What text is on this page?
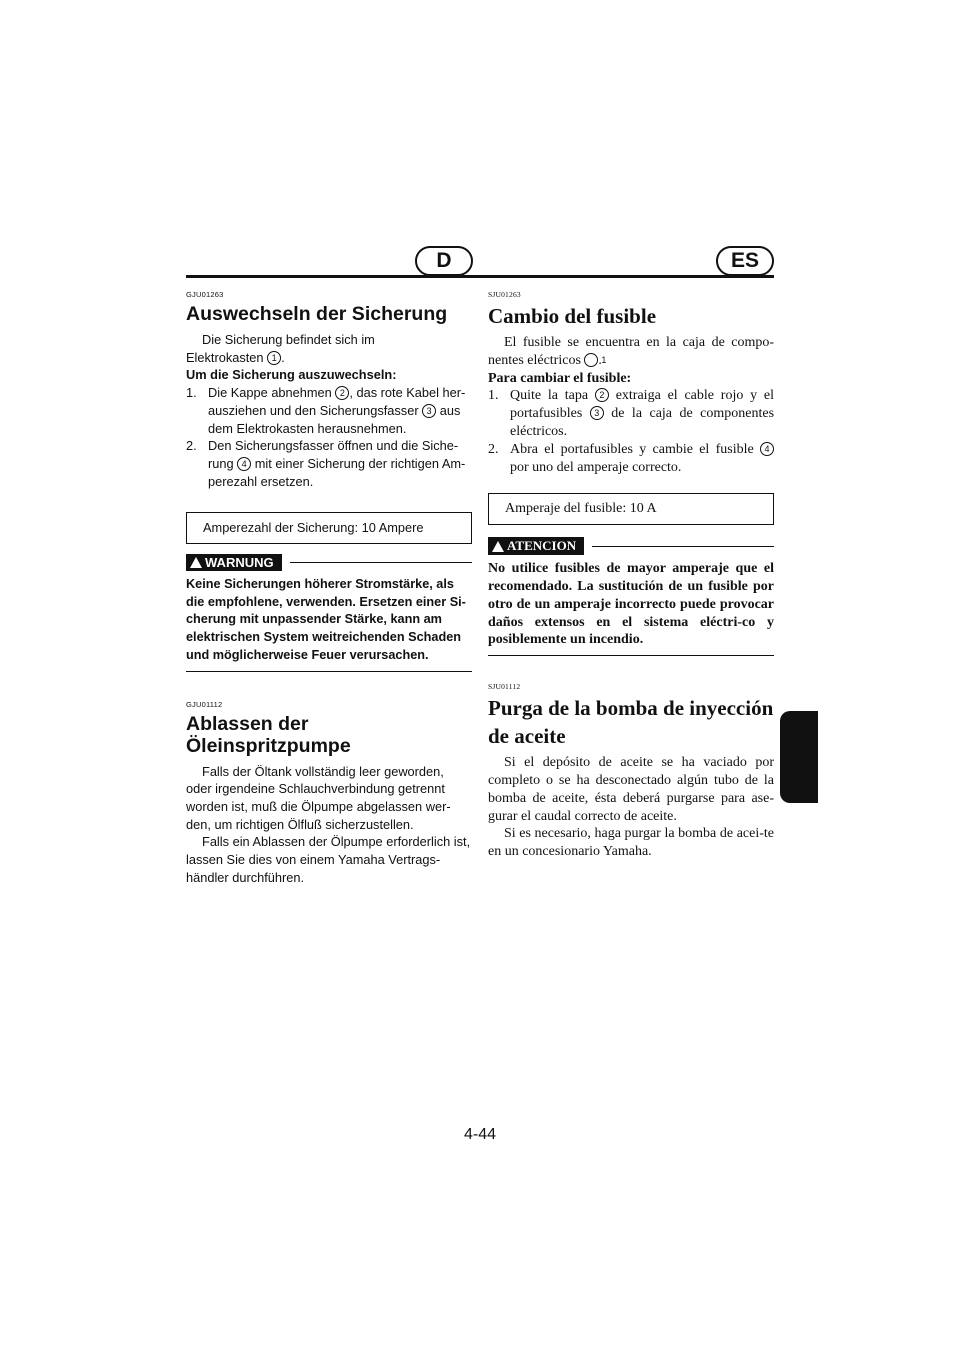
D	ES

GJU01263

Auswechseln der Sicherung

Die Sicherung befindet sich im

Elektrokasten 1 .

Um die Sicherung auszuwechseln:

1. Die Kappe abnehmen 2 , das rote Kabel her-ausziehen und den Sicherungsfasser 3 aus dem Elektrokasten herausnehmen.
2. Den Sicherungsfasser öffnen und die Siche-rung 4 mit einer Sicherung der richtigen Am-perezahl ersetzen.

Amperezahl der Sicherung: 10 Ampere

WARNUNG

Keine Sicherungen höherer Stromstärke, als die empfohlene, verwenden. Ersetzen einer Si-cherung mit unpassender Stärke, kann am elektrischen System weitreichenden Schaden und möglicherweise Feuer verursachen.

GJU01112

Ablassen der Öleinspritzpumpe

Falls der Öltank vollständig leer geworden, oder irgendeine Schlauchverbindung getrennt worden ist, muß die Ölpumpe abgelassen wer-den, um richtigen Ölfluß sicherzustellen.

Falls ein Ablassen der Ölpumpe erforderlich ist, lassen Sie dies von einem Yamaha Vertrags-händler durchführen.

SJU01263

Cambio del fusible

El fusible se encuentra en la caja de compo-nentes eléctricos 1.

Para cambiar el fusible:

1. Quite la tapa 2 extraiga el cable rojo y el portafusibles 3 de la caja de componentes eléctricos.
2. Abra el portafusibles y cambie el fusible 4 por uno del amperaje correcto.

Amperaje del fusible: 10 A

ATENCION

No utilice fusibles de mayor amperaje que el recomendado. La sustitución de un fusible por otro de un amperaje incorrecto puede provocar daños extensos en el sistema eléctri-co y posiblemente un incendio.

SJU01112

Purga de la bomba de inyección de aceite

Si el depósito de aceite se ha vaciado por completo o se ha desconectado algún tubo de la bomba de aceite, ésta deberá purgarse para ase-gurar el caudal correcto de aceite.

Si es necesario, haga purgar la bomba de acei-te en un concesionario Yamaha.

4-44
